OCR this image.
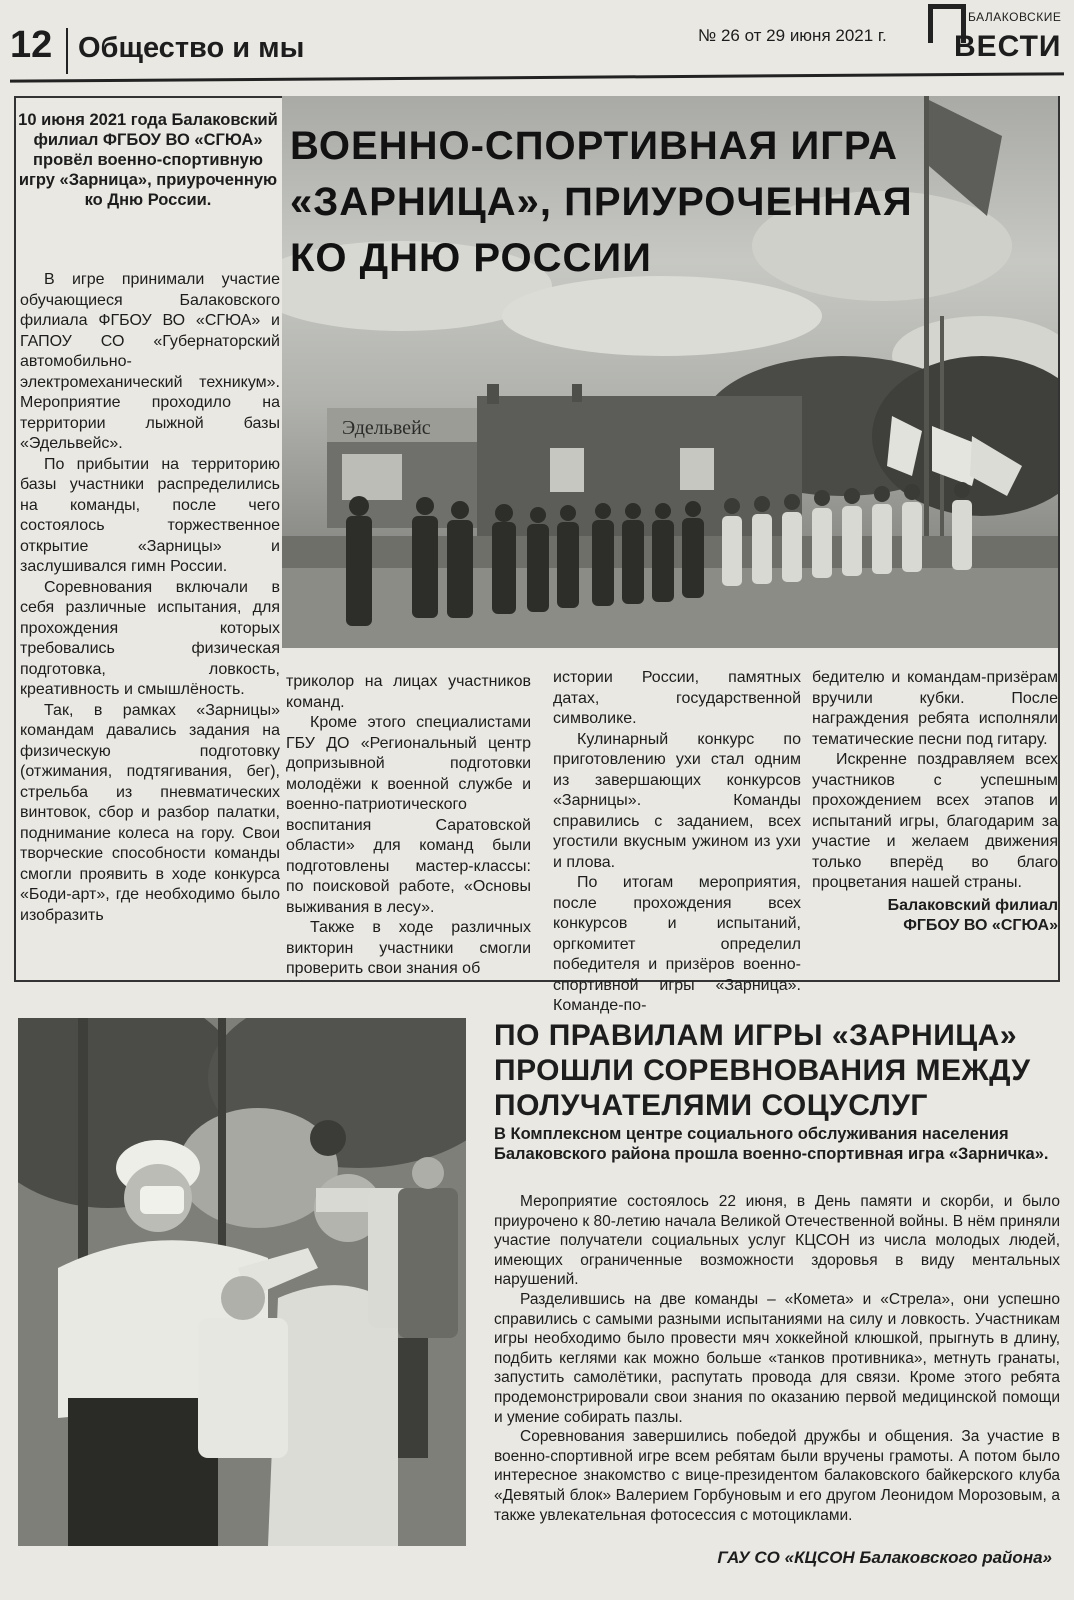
12 Общество и мы	№ 26 от 29 июня 2021 г.
БАЛАКОВСКИЕ
ВЕСТИ
Эдельвейс
ВОЕННО-СПОРТИВНАЯ ИГРА
«ЗАРНИЦА», ПРИУРОЧЕННАЯ
КО ДНЮ РОССИИ
10 июня 2021 года Балаковский филиал ФГБОУ ВО «СГЮА» провёл военно-спортивную игру «Зарница», приуроченную ко Дню России.

В игре принимали участие обучающиеся Балаковского филиала ФГБОУ ВО «СГЮА» и ГАПОУ СО «Губернаторский автомобильно-электромеханический техникум». Мероприятие проходило на территории лыжной базы «Эдельвейс».

По прибытии на территорию базы участники распределились на команды, после чего состоялось торжественное открытие «Зарницы» и заслушивался гимн России.

Соревнования включали в себя различные испытания, для прохождения которых требовались физическая подготовка, ловкость, креативность и смышлёность.

Так, в рамках «Зарницы» командам давались задания на физическую подготовку (отжимания, подтягивания, бег), стрельба из пневматических винтовок, сбор и разбор палатки, поднимание колеса на гору. Свои творческие способности команды смогли проявить в ходе конкурса «Боди-арт», где необходимо было изобразить

триколор на лицах участников команд.

Кроме этого специалистами ГБУ ДО «Региональный центр допризывной подготовки молодёжи к военной службе и военно-патриотического воспитания Саратовской области» для команд были подготовлены мастер-классы: по поисковой работе, «Основы выживания в лесу».

Также в ходе различных викторин участники смогли проверить свои знания об

истории России, памятных датах, государственной символике.

Кулинарный конкурс по приготовлению ухи стал одним из завершающих конкурсов «Зарницы». Команды справились с заданием, всех угостили вкусным ужином из ухи и плова.

По итогам мероприятия, после прохождения всех конкурсов и испытаний, оргкомитет определил победителя и призёров военно-спортивной игры «Зарница». Команде-по-

бедителю и командам-призёрам вручили кубки. После награждения ребята исполняли тематические песни под гитару.

Искренне поздравляем всех участников с успешным прохождением всех этапов и испытаний игры, благодарим за участие и желаем движения только вперёд во благо процветания нашей страны.

Балаковский филиал
ФГБОУ ВО «СГЮА»

ПО ПРАВИЛАМ ИГРЫ «ЗАРНИЦА»
ПРОШЛИ СОРЕВНОВАНИЯ МЕЖДУ
ПОЛУЧАТЕЛЯМИ СОЦУСЛУГ
В Комплексном центре социального обслуживания населения Балаковского района прошла военно-спортивная игра «Зарничка».

Мероприятие состоялось 22 июня, в День памяти и скорби, и было приурочено к 80-летию начала Великой Отечественной войны. В нём приняли участие получатели социальных услуг КЦСОН из числа молодых людей, имеющих ограниченные возможности здоровья в виду ментальных нарушений.

Разделившись на две команды – «Комета» и «Стрела», они успешно справились с самыми разными испытаниями на силу и ловкость. Участникам игры необходимо было провести мяч хоккейной клюшкой, прыгнуть в длину, подбить кеглями как можно больше «танков противника», метнуть гранаты, запустить самолётики, распутать провода для связи. Кроме этого ребята продемонстрировали свои знания по оказанию первой медицинской помощи и умение собирать пазлы.

Соревнования завершились победой дружбы и общения. За участие в военно-спортивной игре всем ребятам были вручены грамоты. А потом было интересное знакомство с вице-президентом балаковского байкерского клуба «Девятый блок» Валерием Горбуновым и его другом Леонидом Морозовым, а также увлекательная фотосессия с мотоциклами.

ГАУ СО «КЦСОН Балаковского района»
